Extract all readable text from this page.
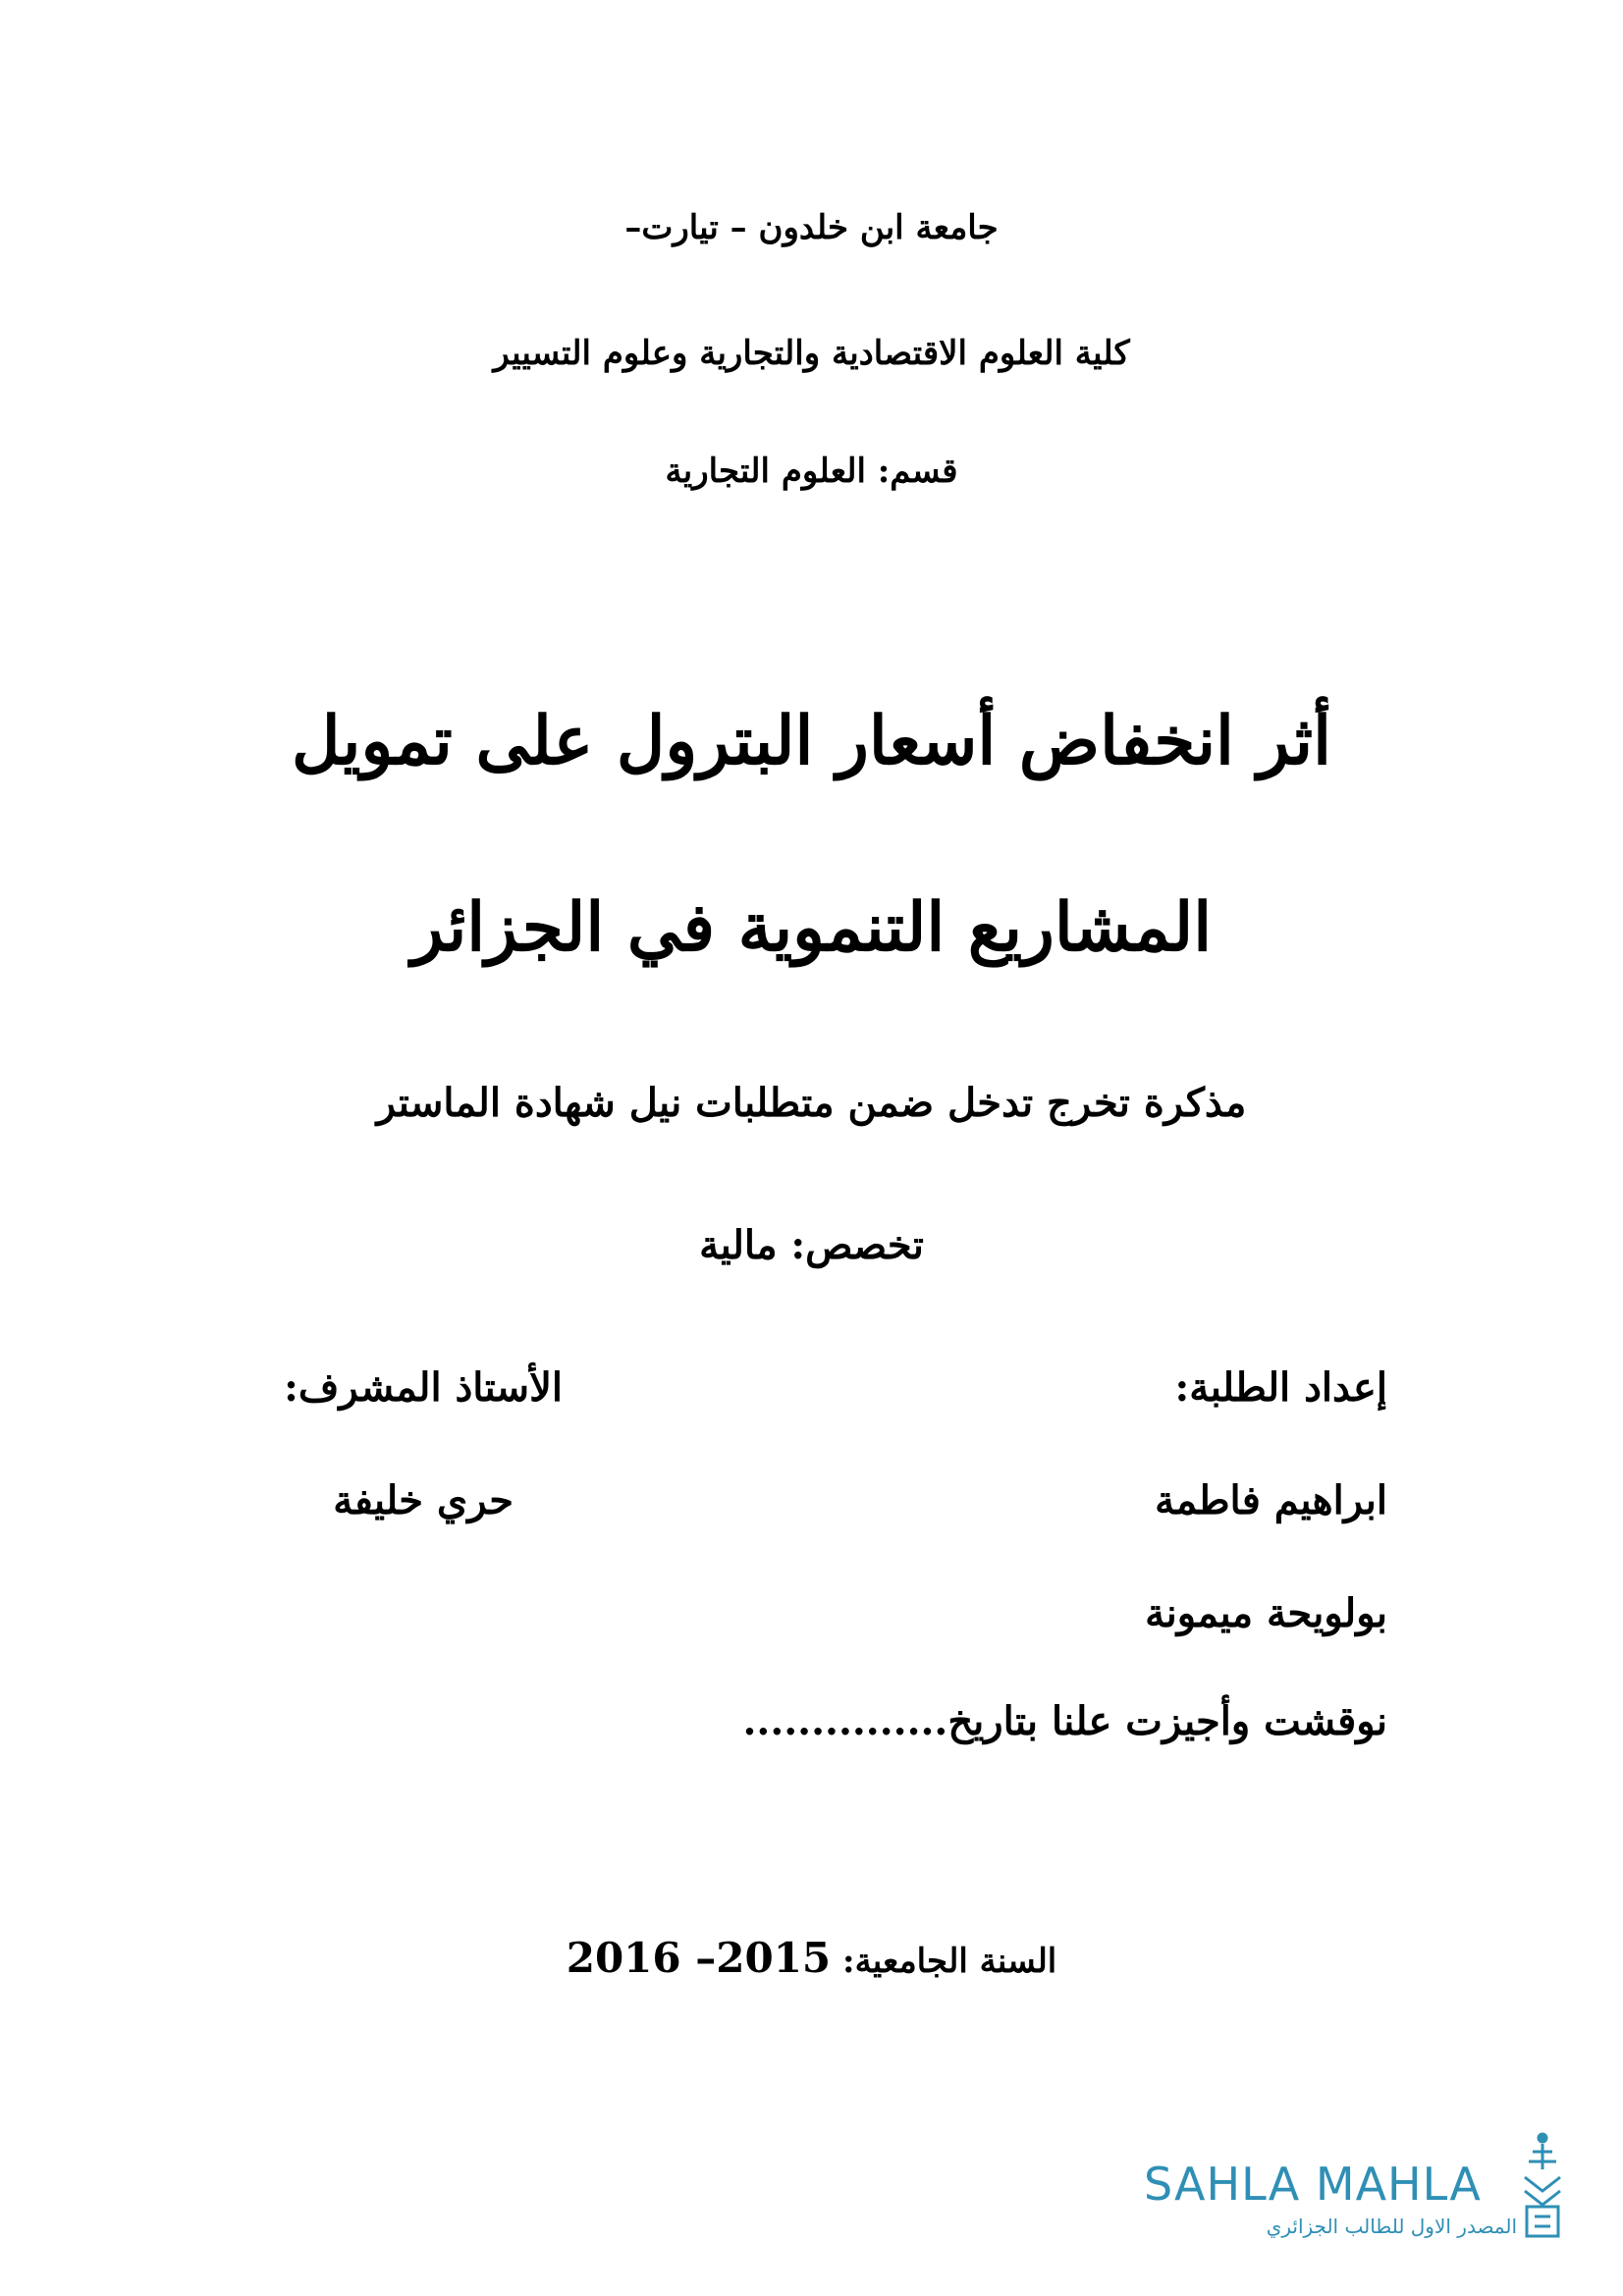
جامعة ابن خلدون – تيارت–
كلية العلوم الاقتصادية والتجارية وعلوم التسيير
قسم: العلوم التجارية
أثر انخفاض أسعار البترول على تمويل
المشاريع التنموية في الجزائر
مذكرة تخرج تدخل ضمن متطلبات نيل شهادة الماستر
تخصص: مالية
إعداد الطلبة:
الأستاذ المشرف:
ابراهيم فاطمة
حري خليفة
بولويحة ميمونة
نوقشت وأجيزت علنا بتاريخ...............
السنة الجامعية: 2015– 2016
SAHLA MAHLA
المصدر الاول للطالب الجزائري
